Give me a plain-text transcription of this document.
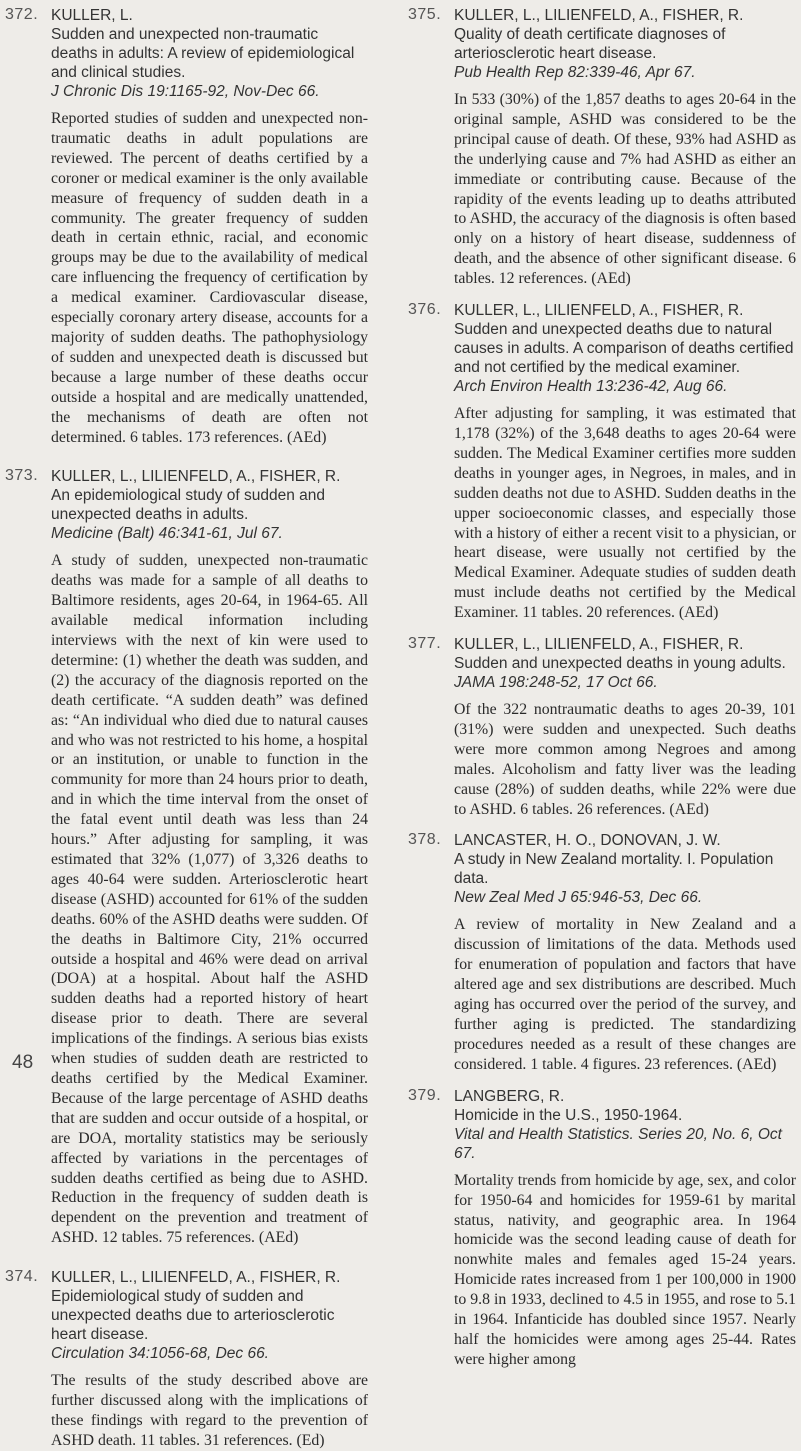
372. KULLER, L.
Sudden and unexpected non-traumatic deaths in adults: A review of epidemiological and clinical studies.
J Chronic Dis 19:1165-92, Nov-Dec 66.
Reported studies of sudden and unexpected non-traumatic deaths in adult populations are reviewed. The percent of deaths certified by a coroner or medical examiner is the only available measure of frequency of sudden death in a community. The greater frequency of sudden death in certain ethnic, racial, and economic groups may be due to the availability of medical care influencing the frequency of certification by a medical examiner. Cardiovascular disease, especially coronary artery disease, accounts for a majority of sudden deaths. The pathophysiology of sudden and unexpected death is discussed but because a large number of these deaths occur outside a hospital and are medically unattended, the mechanisms of death are often not determined. 6 tables. 173 references. (AEd)
373. KULLER, L., LILIENFELD, A., FISHER, R.
An epidemiological study of sudden and unexpected deaths in adults.
Medicine (Balt) 46:341-61, Jul 67.
A study of sudden, unexpected non-traumatic deaths was made for a sample of all deaths to Baltimore residents, ages 20-64, in 1964-65. All available medical information including interviews with the next of kin were used to determine: (1) whether the death was sudden, and (2) the accuracy of the diagnosis reported on the death certificate. “A sudden death” was defined as: “An individual who died due to natural causes and who was not restricted to his home, a hospital or an institution, or unable to function in the community for more than 24 hours prior to death, and in which the time interval from the onset of the fatal event until death was less than 24 hours.” After adjusting for sampling, it was estimated that 32% (1,077) of 3,326 deaths to ages 40-64 were sudden. Arteriosclerotic heart disease (ASHD) accounted for 61% of the sudden deaths. 60% of the ASHD deaths were sudden. Of the deaths in Baltimore City, 21% occurred outside a hospital and 46% were dead on arrival (DOA) at a hospital. About half the ASHD sudden deaths had a reported history of heart disease prior to death. There are several implications of the findings. A serious bias exists when studies of sudden death are restricted to deaths certified by the Medical Examiner. Because of the large percentage of ASHD deaths that are sudden and occur outside of a hospital, or are DOA, mortality statistics may be seriously affected by variations in the percentages of sudden deaths certified as being due to ASHD. Reduction in the frequency of sudden death is dependent on the prevention and treatment of ASHD. 12 tables. 75 references. (AEd)
374. KULLER, L., LILIENFELD, A., FISHER, R.
Epidemiological study of sudden and unexpected deaths due to arteriosclerotic heart disease.
Circulation 34:1056-68, Dec 66.
The results of the study described above are further discussed along with the implications of these findings with regard to the prevention of ASHD death. 11 tables. 31 references. (Ed)
375. KULLER, L., LILIENFELD, A., FISHER, R.
Quality of death certificate diagnoses of arteriosclerotic heart disease.
Pub Health Rep 82:339-46, Apr 67.
In 533 (30%) of the 1,857 deaths to ages 20-64 in the original sample, ASHD was considered to be the principal cause of death. Of these, 93% had ASHD as the underlying cause and 7% had ASHD as either an immediate or contributing cause. Because of the rapidity of the events leading up to deaths attributed to ASHD, the accuracy of the diagnosis is often based only on a history of heart disease, suddenness of death, and the absence of other significant disease. 6 tables. 12 references. (AEd)
376. KULLER, L., LILIENFELD, A., FISHER, R.
Sudden and unexpected deaths due to natural causes in adults. A comparison of deaths certified and not certified by the medical examiner.
Arch Environ Health 13:236-42, Aug 66.
After adjusting for sampling, it was estimated that 1,178 (32%) of the 3,648 deaths to ages 20-64 were sudden. The Medical Examiner certifies more sudden deaths in younger ages, in Negroes, in males, and in sudden deaths not due to ASHD. Sudden deaths in the upper socioeconomic classes, and especially those with a history of either a recent visit to a physician, or heart disease, were usually not certified by the Medical Examiner. Adequate studies of sudden death must include deaths not certified by the Medical Examiner. 11 tables. 20 references. (AEd)
377. KULLER, L., LILIENFELD, A., FISHER, R.
Sudden and unexpected deaths in young adults.
JAMA 198:248-52, 17 Oct 66.
Of the 322 nontraumatic deaths to ages 20-39, 101 (31%) were sudden and unexpected. Such deaths were more common among Negroes and among males. Alcoholism and fatty liver was the leading cause (28%) of sudden deaths, while 22% were due to ASHD. 6 tables. 26 references. (AEd)
378. LANCASTER, H. O., DONOVAN, J. W.
A study in New Zealand mortality. I. Population data.
New Zeal Med J 65:946-53, Dec 66.
A review of mortality in New Zealand and a discussion of limitations of the data. Methods used for enumeration of population and factors that have altered age and sex distributions are described. Much aging has occurred over the period of the survey, and further aging is predicted. The standardizing procedures needed as a result of these changes are considered. 1 table. 4 figures. 23 references. (AEd)
379. LANGBERG, R.
Homicide in the U.S., 1950-1964.
Vital and Health Statistics. Series 20, No. 6, Oct 67.
Mortality trends from homicide by age, sex, and color for 1950-64 and homicides for 1959-61 by marital status, nativity, and geographic area. In 1964 homicide was the second leading cause of death for nonwhite males and females aged 15-24 years. Homicide rates increased from 1 per 100,000 in 1900 to 9.8 in 1933, declined to 4.5 in 1955, and rose to 5.1 in 1964. Infanticide has doubled since 1957. Nearly half the homicides were among ages 25-44. Rates were higher among
48
